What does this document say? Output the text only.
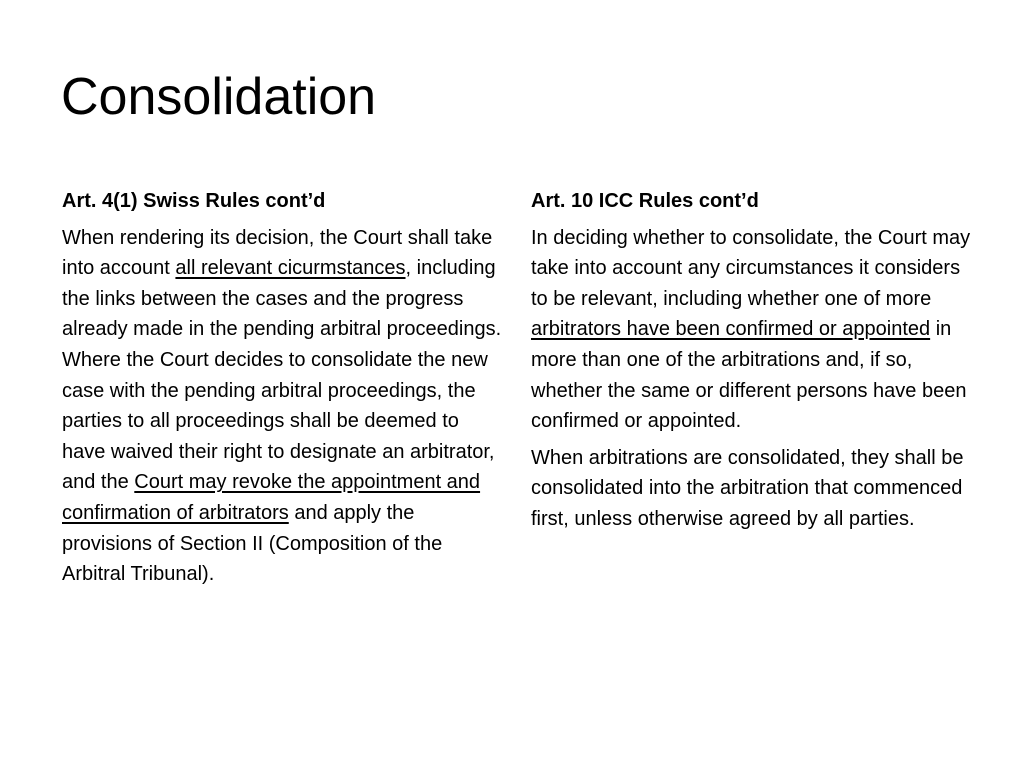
Consolidation
Art. 4(1) Swiss Rules cont’d
When rendering its decision, the Court shall take into account all relevant cicurmstances, including the links between the cases and the progress already made in the pending arbitral proceedings. Where the Court decides to consolidate the new case with the pending arbitral proceedings, the parties to all proceedings shall be deemed to have waived their right to designate an arbitrator, and the Court may revoke the appointment and confirmation of arbitrators and apply the provisions of Section II (Composition of the Arbitral Tribunal).
Art. 10 ICC Rules cont’d
In deciding whether to consolidate, the Court may take into account any circumstances it considers to be relevant, including whether one of more arbitrators have been confirmed or appointed in more than one of the arbitrations and, if so, whether the same or different persons have been confirmed or appointed.
When arbitrations are consolidated, they shall be consolidated into the arbitration that commenced first, unless otherwise agreed by all parties.
